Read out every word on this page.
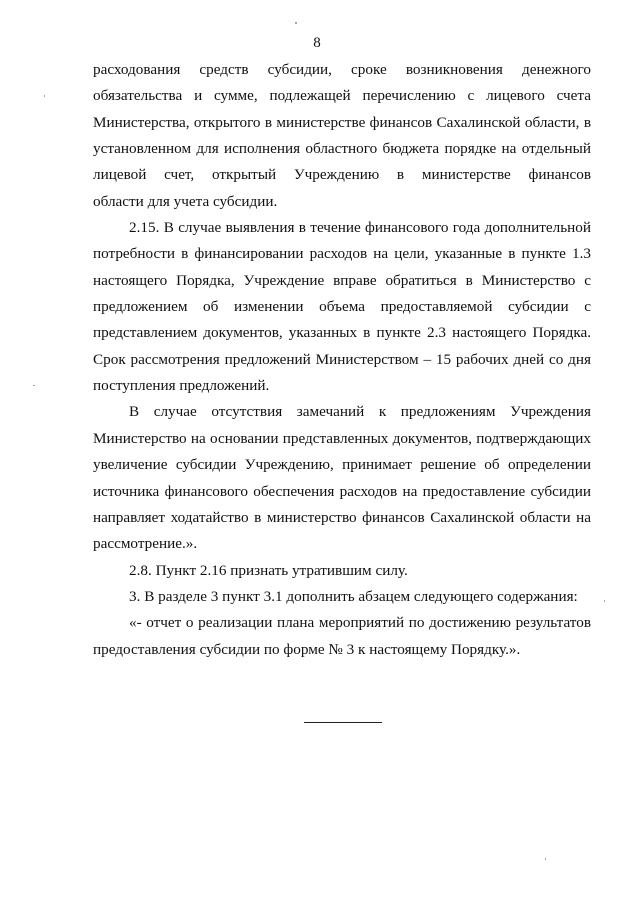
8
расходования средств субсидии, сроке возникновения денежного
обязательства и сумме, подлежащей перечислению с лицевого счета
Министерства, открытого в министерстве финансов Сахалинской области, в
установленном для исполнения областного бюджета порядке на отдельный
лицевой счет, открытый Учреждению в министерстве финансов
области для учета субсидии.
2.15. В случае выявления в течение финансового года дополнительной
потребности в финансировании расходов на цели, указанные в пункте 1.3
настоящего Порядка, Учреждение вправе обратиться в Министерство с
предложением об изменении объема предоставляемой субсидии с
представлением документов, указанных в пункте 2.3 настоящего Порядка.
Срок рассмотрения предложений Министерством – 15 рабочих дней со дня
поступления предложений.
В случае отсутствия замечаний к предложениям Учреждения
Министерство на основании представленных документов, подтверждающих
увеличение субсидии Учреждению, принимает решение об определении
источника финансового обеспечения расходов на предоставление субсидии
направляет ходатайство в министерство финансов Сахалинской области на
рассмотрение.».
2.8. Пункт 2.16 признать утратившим силу.
3. В разделе 3 пункт 3.1 дополнить абзацем следующего содержания:
«- отчет о реализации плана мероприятий по достижению результатов
предоставления субсидии по форме № 3 к настоящему Порядку.».
